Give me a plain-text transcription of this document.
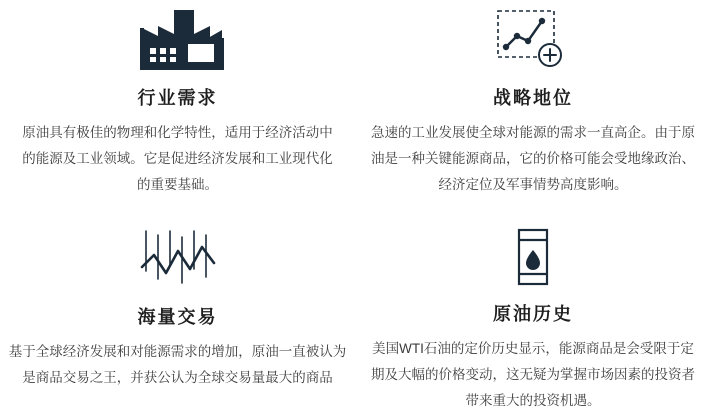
行业需求
原油具有极佳的物理和化学特性，适用于经济活动中的能源及工业领域。它是促进经济发展和工业现代化的重要基础。
战略地位
急速的工业发展使全球对能源的需求一直高企。由于原油是一种关键能源商品，它的价格可能会受地缘政治、经济定位及军事情势高度影响。
海量交易
基于全球经济发展和对能源需求的增加，原油一直被认为是商品交易之王，并获公认为全球交易量最大的商品
原油历史
美国WTI石油的定价历史显示，能源商品是会受限于定期及大幅的价格变动，这无疑为掌握市场因素的投资者带来重大的投资机遇。
